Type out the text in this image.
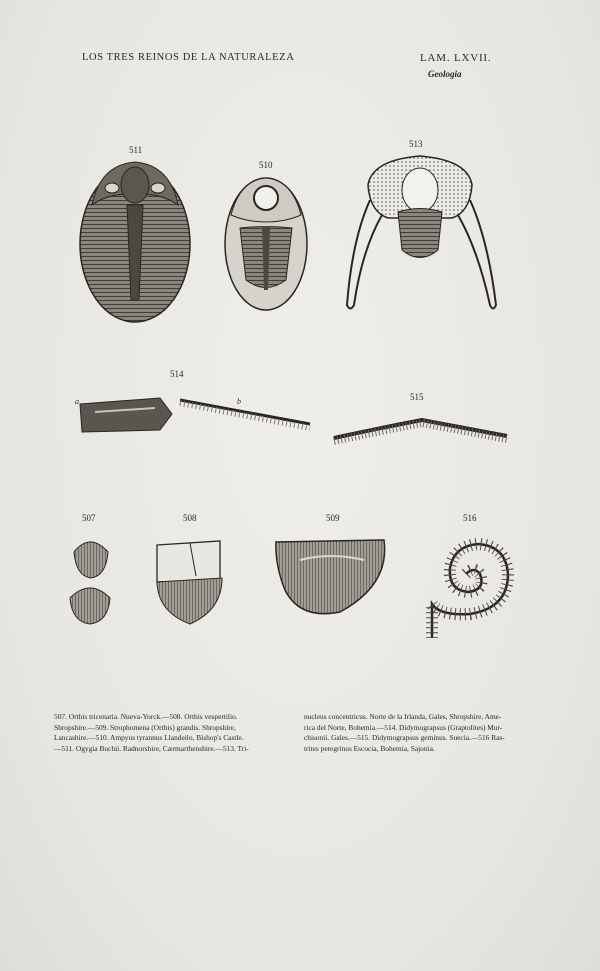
LOS TRES REINOS DE LA NATURALEZA	LAM. LXVII.
Geologia
511
510
513
514
515
507	508	509	516
a	b
507. Orthis tricenaria. Nueva-Yorck.—508. Orthis vespertilio.
Shropshire.—509. Strophomena (Orthis) grandis. Shropshire,
Lancashire.—510. Ampyus tyrannus Llandeilo, Bishop's Castle.
—511. Ogygia Buchii. Radnorshire, Cærmarthenshire.—513. Tri-
nucleus concentricus. Norte de la Irlanda, Gales, Shropshire, Ame-
rica del Norte, Bohemia.—514. Didymograpsus (Graptolites) Mur-
chisonii. Gales.—515. Didymograpsus geminus. Suecia.—516 Ras-
trites peregrinus Escocia, Bohemia, Sajonia.
